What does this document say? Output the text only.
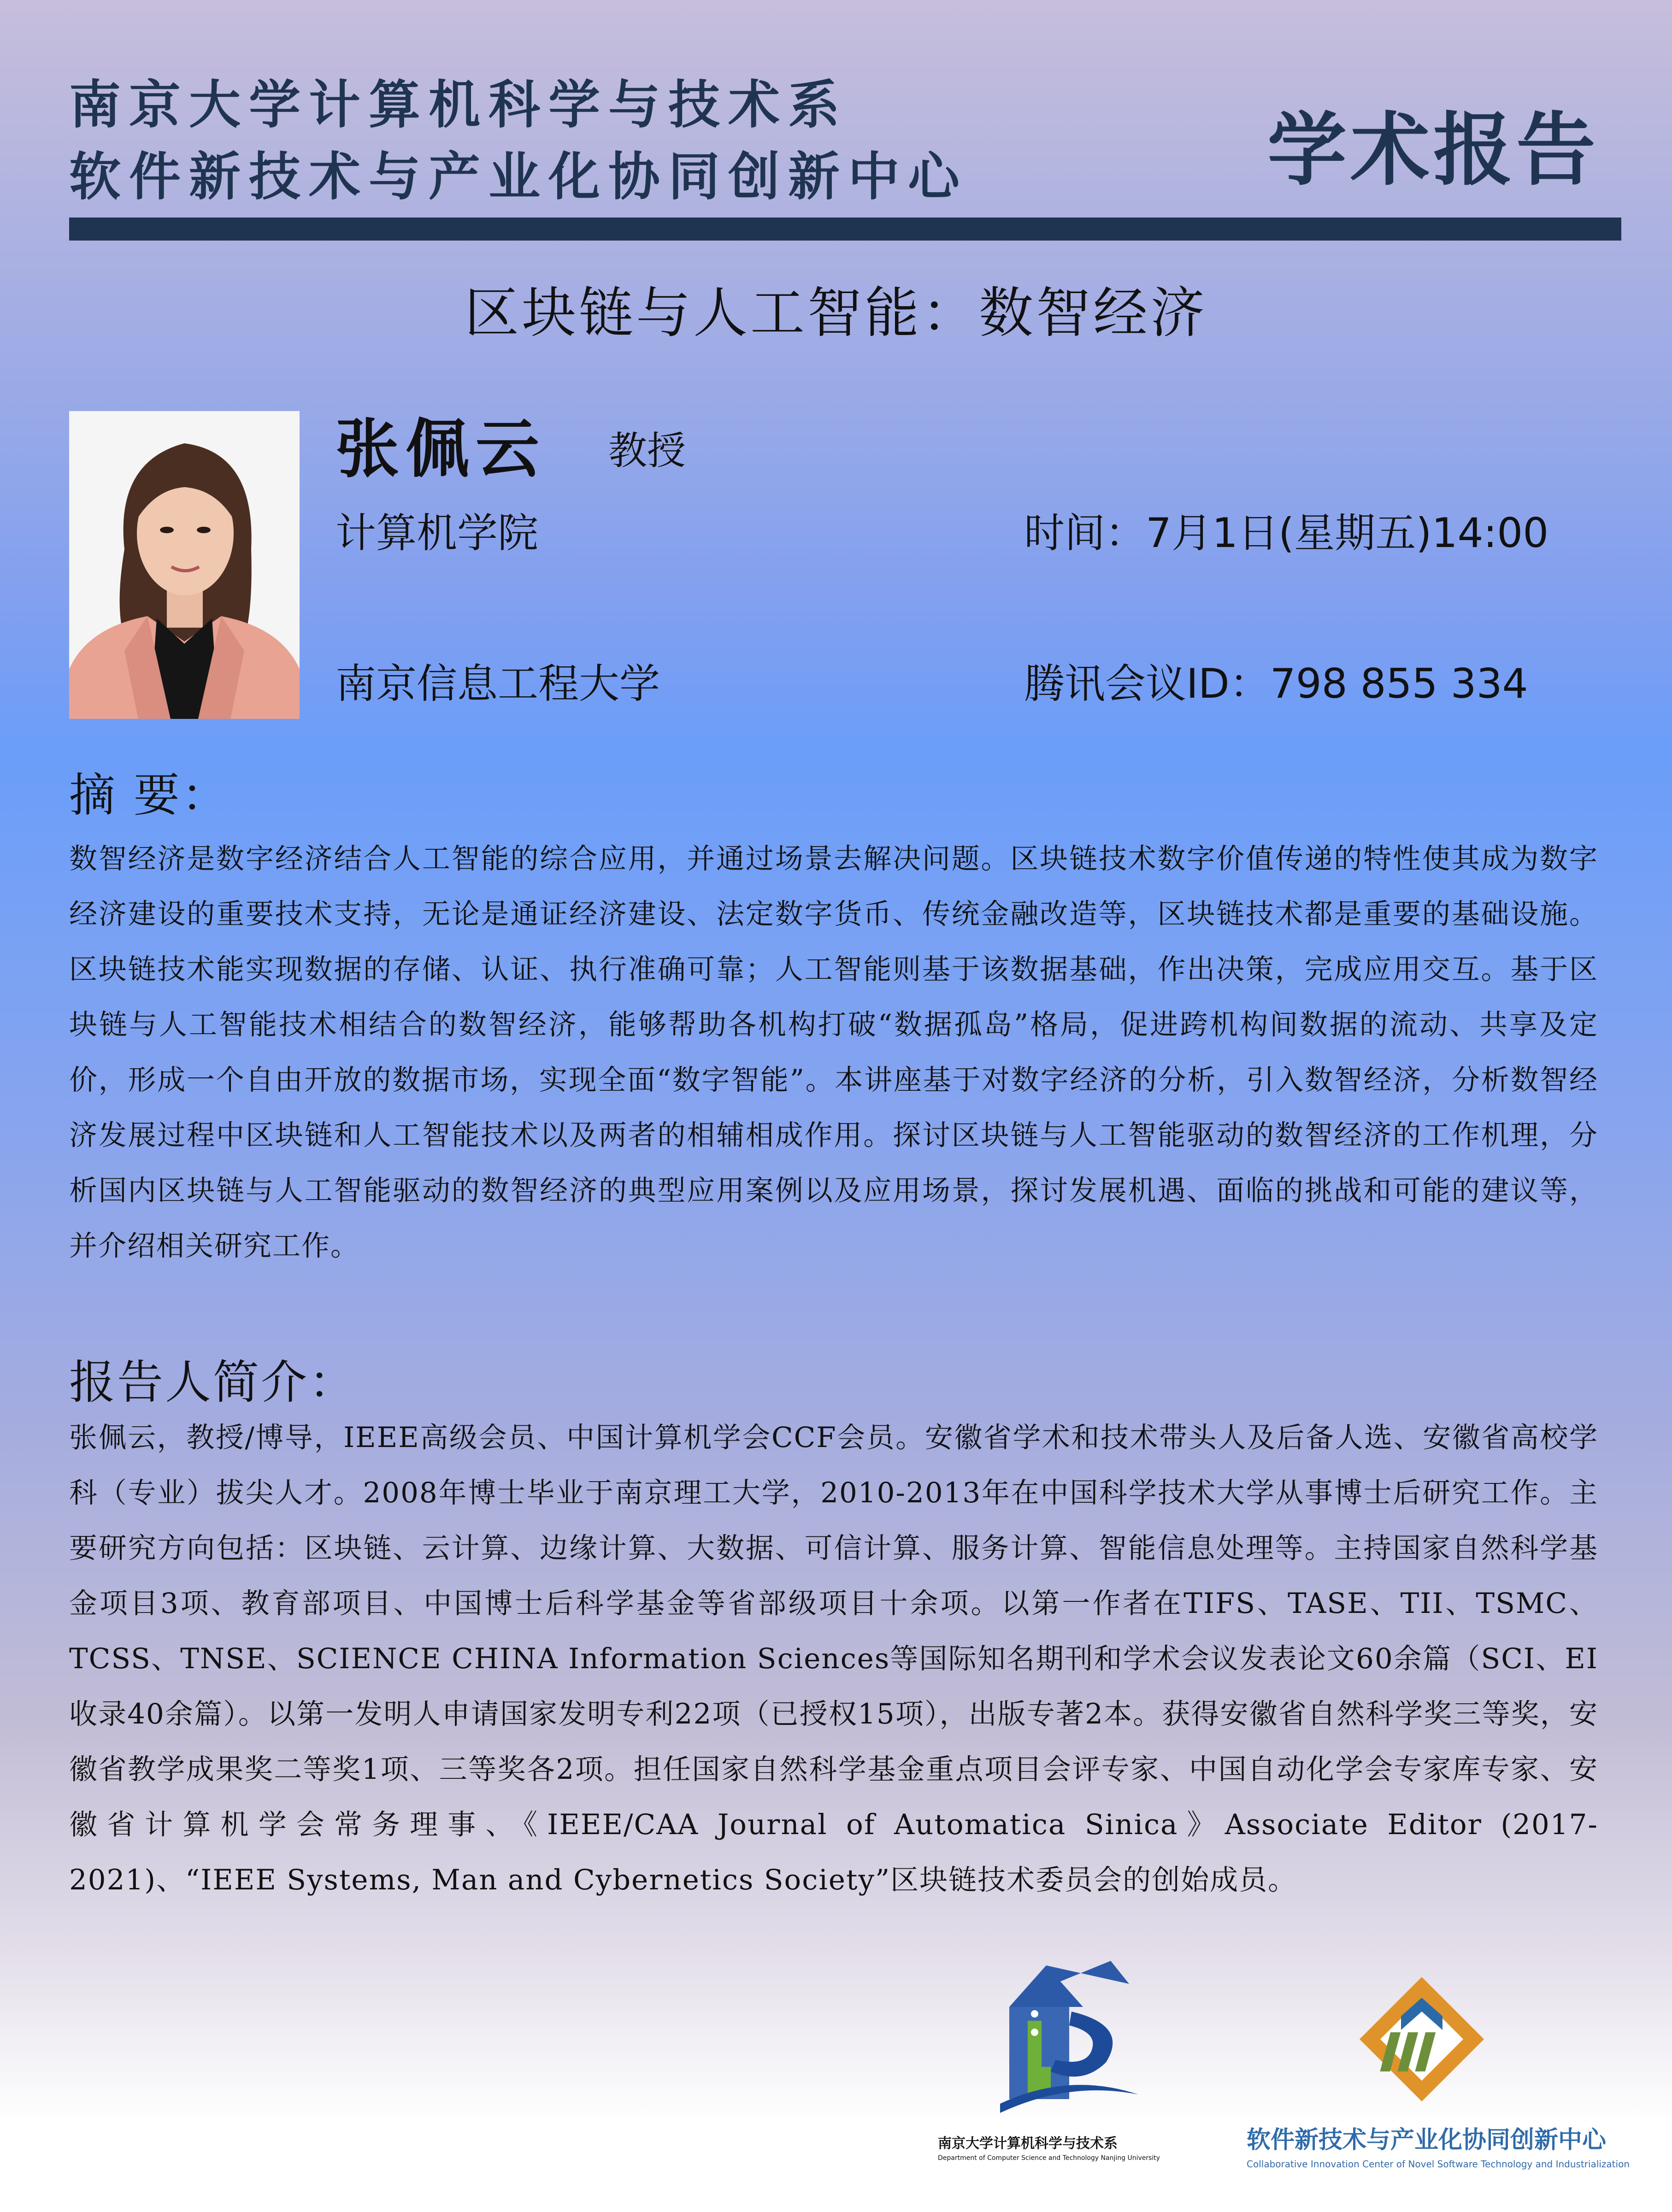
南京大学计算机科学与技术系
软件新技术与产业化协同创新中心	学术报告
区块链与人工智能：数智经济
张佩云 教授
计算机学院
南京信息工程大学
时间：7月1日(星期五)14:00
腾讯会议ID：798 855 334
摘 要：
数智经济是数字经济结合人工智能的综合应用，并通过场景去解决问题。区块链技术数字价值传递的特性使其成为数字经济建设的重要技术支持，无论是通证经济建设、法定数字货币、传统金融改造等，区块链技术都是重要的基础设施。区块链技术能实现数据的存储、认证、执行准确可靠；人工智能则基于该数据基础，作出决策，完成应用交互。基于区块链与人工智能技术相结合的数智经济，能够帮助各机构打破“数据孤岛”格局，促进跨机构间数据的流动、共享及定价，形成一个自由开放的数据市场，实现全面“数字智能”。本讲座基于对数字经济的分析，引入数智经济，分析数智经济发展过程中区块链和人工智能技术以及两者的相辅相成作用。探讨区块链与人工智能驱动的数智经济的工作机理，分析国内区块链与人工智能驱动的数智经济的典型应用案例以及应用场景，探讨发展机遇、面临的挑战和可能的建议等，并介绍相关研究工作。
报告人简介：
张佩云，教授/博导，IEEE高级会员、中国计算机学会CCF会员。安徽省学术和技术带头人及后备人选、安徽省高校学科（专业）拔尖人才。2008年博士毕业于南京理工大学，2010-2013年在中国科学技术大学从事博士后研究工作。主要研究方向包括：区块链、云计算、边缘计算、大数据、可信计算、服务计算、智能信息处理等。主持国家自然科学基金项目3项、教育部项目、中国博士后科学基金等省部级项目十余项。以第一作者在TIFS、TASE、TII、TSMC、TCSS、TNSE、SCIENCE CHINA Information Sciences等国际知名期刊和学术会议发表论文60余篇（SCI、EI收录40余篇）。以第一发明人申请国家发明专利22项（已授权15项），出版专著2本。获得安徽省自然科学奖三等奖，安徽省教学成果奖二等奖1项、三等奖各2项。担任国家自然科学基金重点项目会评专家、中国自动化学会专家库专家、安徽省计算机学会常务理事、《IEEE/CAA Journal of Automatica Sinica》Associate Editor (2017-2021)、“IEEE Systems, Man and Cybernetics Society”区块链技术委员会的创始成员。
南京大学计算机科学与技术系
Department of Computer Science and Technology Nanjing University
软件新技术与产业化协同创新中心
Collaborative Innovation Center of Novel Software Technology and Industrialization
